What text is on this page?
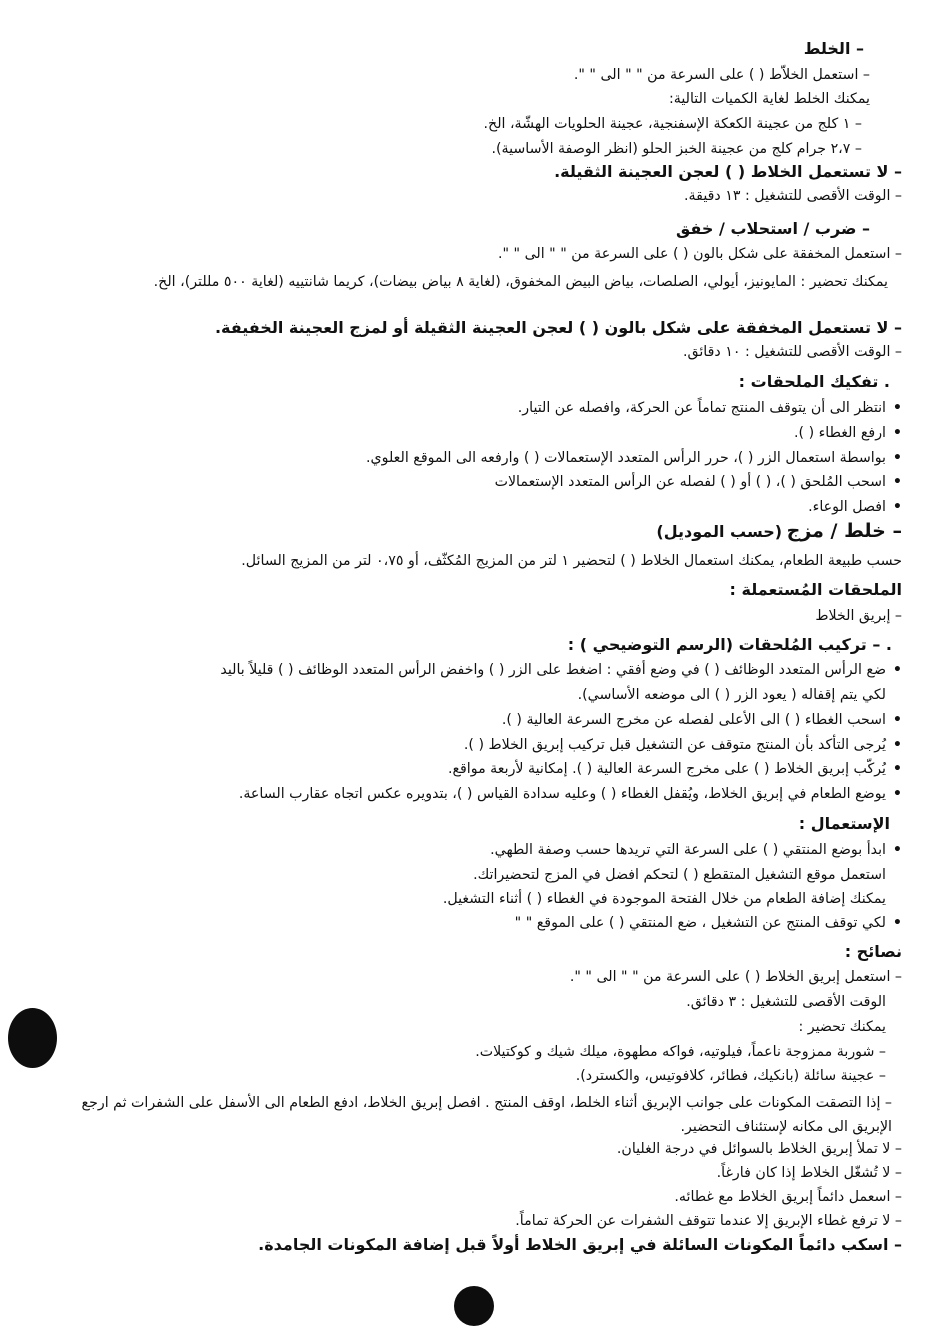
– الخلط
– استعمل الخلاّط ( ) على السرعة من " " الى " ".
يمكنك الخلط لغاية الكميات التالية:
– ١ كلج من عجينة الكعكة الإسفنجية، عجينة الحلويات الهشّة، الخ.
– ٢،٧ جرام كلج من عجينة الخبز الحلو (انظر الوصفة الأساسية).
– لا تستعمل الخلاط ( ) لعجن العجينة الثقيلة.
– الوقت الأقصى للتشغيل : ١٣ دقيقة.
– ضرب / استحلاب / خفق
– استعمل المخفقة على شكل بالون ( ) على السرعة من " " الى " ".
يمكنك تحضير : المايونيز، أيولي، الصلصات، بياض البيض المخفوق، (لغاية ٨ بياض بيضات)، كريما شانتييه (لغاية ٥٠٠ مللتر)، الخ.
– لا تستعمل المخفقة على شكل بالون ( ) لعجن العجينة الثقيلة أو لمزج العجينة الخفيفة.
– الوقت الأقصى للتشغيل : ١٠ دقائق.
. تفكيك الملحقات :
• انتظر الى أن يتوقف المنتج تماماً عن الحركة، وافصله عن التيار.
• ارفع الغطاء ( ).
• بواسطة استعمال الزر ( )، حرر الرأس المتعدد الإستعمالات ( ) وارفعه الى الموقع العلوي.
• اسحب المُلحق ( )، ( ) أو ( ) لفصله عن الرأس المتعدد الإستعمالات
• افصل الوعاء.
– خلط / مزج (حسب الموديل)
حسب طبيعة الطعام، يمكنك استعمال الخلاط ( ) لتحضير ١ لتر من المزيج المُكثّف، أو ٠،٧٥ لتر من المزيج السائل.
الملحقات المُستعملة :
– إبريق الخلاط
. – تركيب المُلحقات (الرسم التوضيحي ) :
• ضع الرأس المتعدد الوظائف ( ) في وضع أفقي : اضغط على الزر ( ) واخفض الرأس المتعدد الوظائف ( ) قليلاً باليد
لكي يتم إقفاله ( يعود الزر ( ) الى موضعه الأساسي).
• اسحب الغطاء ( ) الى الأعلى لفصله عن مخرج السرعة العالية ( ).
• يُرجى التأكد بأن المنتج متوقف عن التشغيل قبل تركيب إبريق الخلاط ( ).
• يُركّب إبريق الخلاط ( ) على مخرج السرعة العالية ( ). إمكانية لأربعة مواقع.
• يوضع الطعام في إبريق الخلاط، ويُقفل الغطاء ( ) وعليه سدادة القياس ( )، بتدويره عكس اتجاه عقارب الساعة.
الإستعمال :
• ابدأ بوضع المنتقي ( ) على السرعة التي تريدها حسب وصفة الطهي.
استعمل موقع التشغيل المتقطع ( ) لتحكم افضل في المزج لتحضيراتك.
يمكنك إضافة الطعام من خلال الفتحة الموجودة في الغطاء ( ) أثناء التشغيل.
• لكي توقف المنتج عن التشغيل ، ضع المنتقي ( ) على الموقع " "
نصائح :
– استعمل إبريق الخلاط ( ) على السرعة من " " الى " ".
الوقت الأقصى للتشغيل : ٣ دقائق.
يمكنك تحضير :
– شوربة ممزوجة ناعماً، فيلوتيه، فواكه مطهوة، ميلك شيك و كوكتيلات.
– عجينة سائلة (بانكيك، فطائر، كلافوتيس، والكسترد).
– إذا التصقت المكونات على جوانب الإبريق أثناء الخلط، اوقف المنتج . افصل إبريق الخلاط، ادفع الطعام الى الأسفل على الشفرات ثم ارجع الإبريق الى مكانه لإستئناف التحضير.
– لا تملأ إبريق الخلاط بالسوائل في درجة الغليان.
– لا تُشغّل الخلاط إذا كان فارغاً.
– اسعمل دائماً إبريق الخلاط مع غطائه.
– لا ترفع غطاء الإبريق إلا عندما تتوقف الشفرات عن الحركة تماماً.
– اسكب دائماً المكونات السائلة في إبريق الخلاط أولاً قبل إضافة المكونات الجامدة.
